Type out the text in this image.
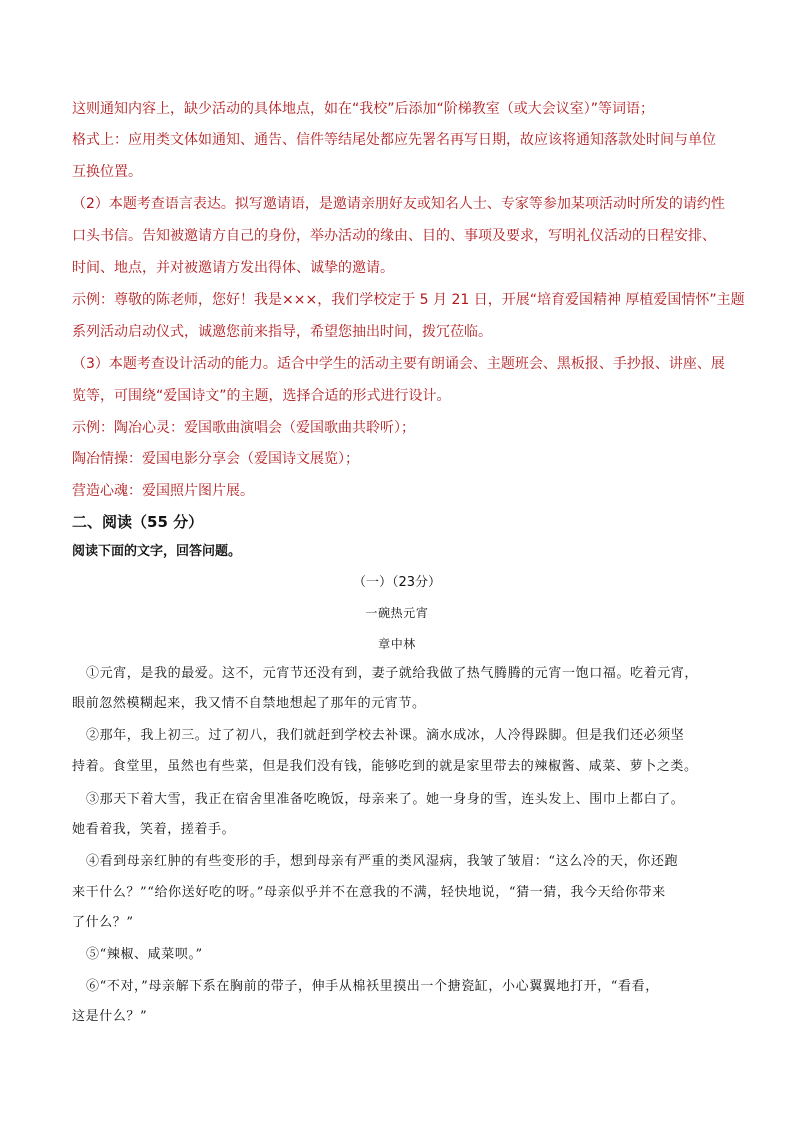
这则通知内容上，缺少活动的具体地点，如在“我校”后添加“阶梯教室（或大会议室）”等词语；
格式上：应用类文体如通知、通告、信件等结尾处都应先署名再写日期，故应该将通知落款处时间与单位
互换位置。
（2）本题考查语言表达。拟写邀请语，是邀请亲朋好友或知名人士、专家等参加某项活动时所发的请约性
口头书信。告知被邀请方自己的身份，举办活动的缘由、目的、事项及要求，写明礼仪活动的日程安排、
时间、地点，并对被邀请方发出得体、诚挚的邀请。
示例：尊敬的陈老师，您好！我是×××，我们学校定于 5 月 21 日，开展“培育爱国精神 厚植爱国情怀”主题
系列活动启动仪式，诚邀您前来指导，希望您抽出时间，拨冗莅临。
（3）本题考查设计活动的能力。适合中学生的活动主要有朗诵会、主题班会、黑板报、手抄报、讲座、展
览等，可围绕“爱国诗文”的主题，选择合适的形式进行设计。
示例：陶冶心灵：爱国歌曲演唱会（爱国歌曲共聆听）；
陶冶情操：爱国电影分享会（爱国诗文展览）；
营造心魂：爱国照片图片展。
二、阅读（55 分）
阅读下面的文字，回答问题。
（一）（23分）
一碗热元宵
章中林
①元宵，是我的最爱。这不，元宵节还没有到，妻子就给我做了热气腾腾的元宵一饱口福。吃着元宵，
眼前忽然模糊起来，我又情不自禁地想起了那年的元宵节。
②那年，我上初三。过了初八，我们就赶到学校去补课。滴水成冰，人冷得跺脚。但是我们还必须坚
持着。食堂里，虽然也有些菜，但是我们没有钱，能够吃到的就是家里带去的辣椒酱、咸菜、萝卜之类。
③那天下着大雪，我正在宿舍里准备吃晚饭，母亲来了。她一身身的雪，连头发上、围巾上都白了。
她看着我，笑着，搓着手。
④看到母亲红肿的有些变形的手，想到母亲有严重的类风湿病，我皱了皱眉：“这么冷的天，你还跑
来干什么？”“给你送好吃的呀。”母亲似乎并不在意我的不满，轻快地说，“猜一猜，我今天给你带来
了什么？”
⑤“辣椒、咸菜呗。”
⑥“不对，”母亲解下系在胸前的带子，伸手从棉袄里摸出一个搪瓷缸，小心翼翼地打开，“看看，
这是什么？”
